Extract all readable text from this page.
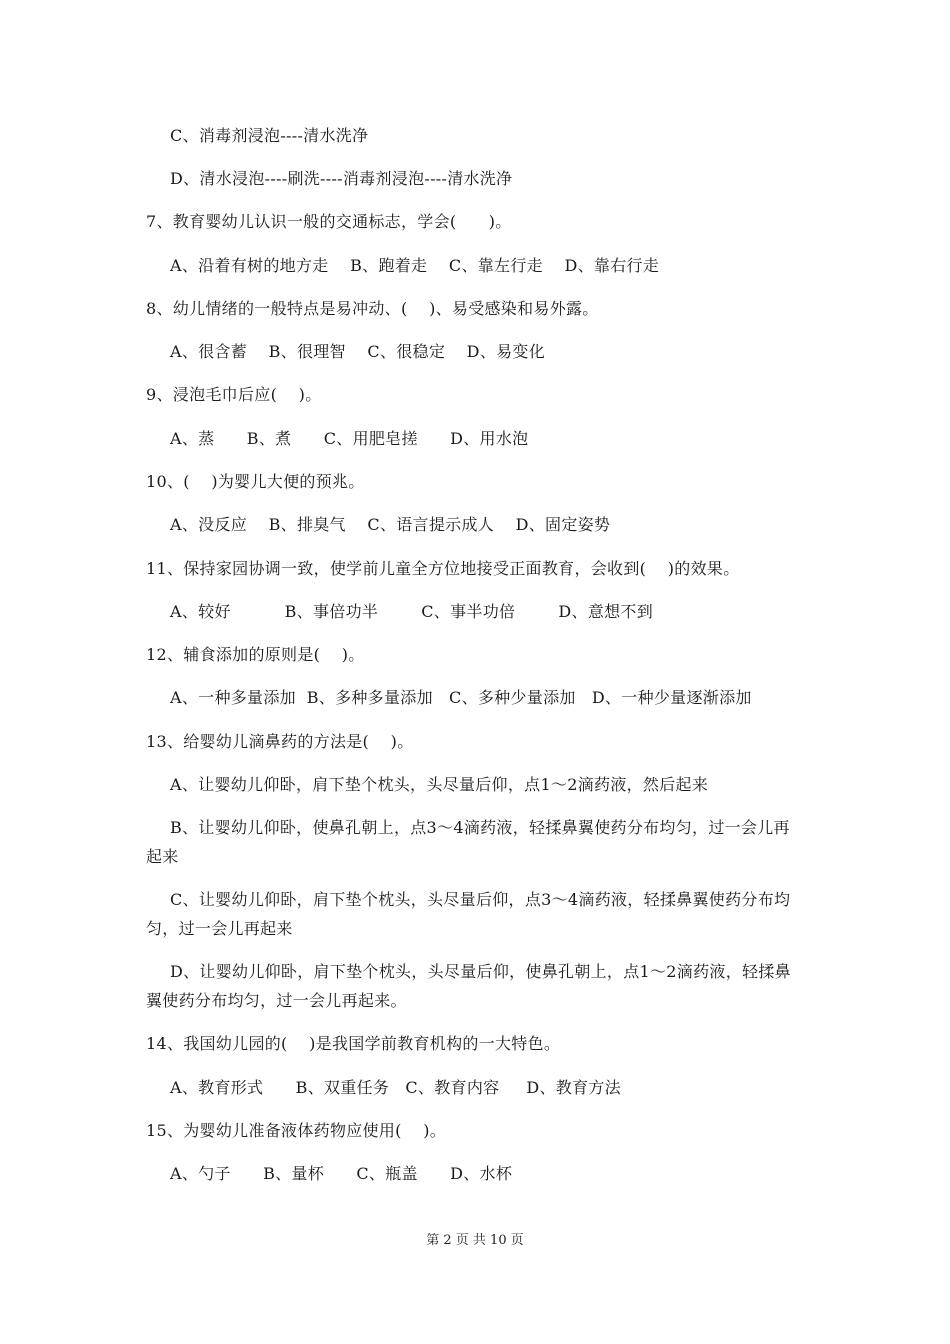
C、消毒剂浸泡----清水洗净
D、清水浸泡----刷洗----消毒剂浸泡----清水洗净
7、教育婴幼儿认识一般的交通标志，学会(      )。
A、沿着有树的地方走    B、跑着走    C、靠左行走    D、靠右行走
8、幼儿情绪的一般特点是易冲动、(    )、易受感染和易外露。
A、很含蓄    B、很理智    C、很稳定    D、易变化
9、浸泡毛巾后应(    )。
A、蒸      B、煮      C、用肥皂搓      D、用水泡
10、(    )为婴儿大便的预兆。
A、没反应    B、排臭气    C、语言提示成人    D、固定姿势
11、保持家园协调一致，使学前儿童全方位地接受正面教育，会收到(    )的效果。
A、较好          B、事倍功半        C、事半功倍        D、意想不到
12、辅食添加的原则是(    )。
A、一种多量添加  B、多种多量添加   C、多种少量添加   D、一种少量逐渐添加
13、给婴幼儿滴鼻药的方法是(    )。
A、让婴幼儿仰卧，肩下垫个枕头，头尽量后仰，点1～2滴药液，然后起来
B、让婴幼儿仰卧，使鼻孔朝上，点3～4滴药液，轻揉鼻翼使药分布均匀，过一会儿再
起来
C、让婴幼儿仰卧，肩下垫个枕头，头尽量后仰，点3～4滴药液，轻揉鼻翼使药分布均
匀，过一会儿再起来
D、让婴幼儿仰卧，肩下垫个枕头，头尽量后仰，使鼻孔朝上，点1～2滴药液，轻揉鼻
翼使药分布均匀，过一会儿再起来。
14、我国幼儿园的(    )是我国学前教育机构的一大特色。
A、教育形式      B、双重任务   C、教育内容     D、教育方法
15、为婴幼儿准备液体药物应使用(    )。
A、勺子      B、量杯      C、瓶盖      D、水杯
第 2 页 共 10 页
